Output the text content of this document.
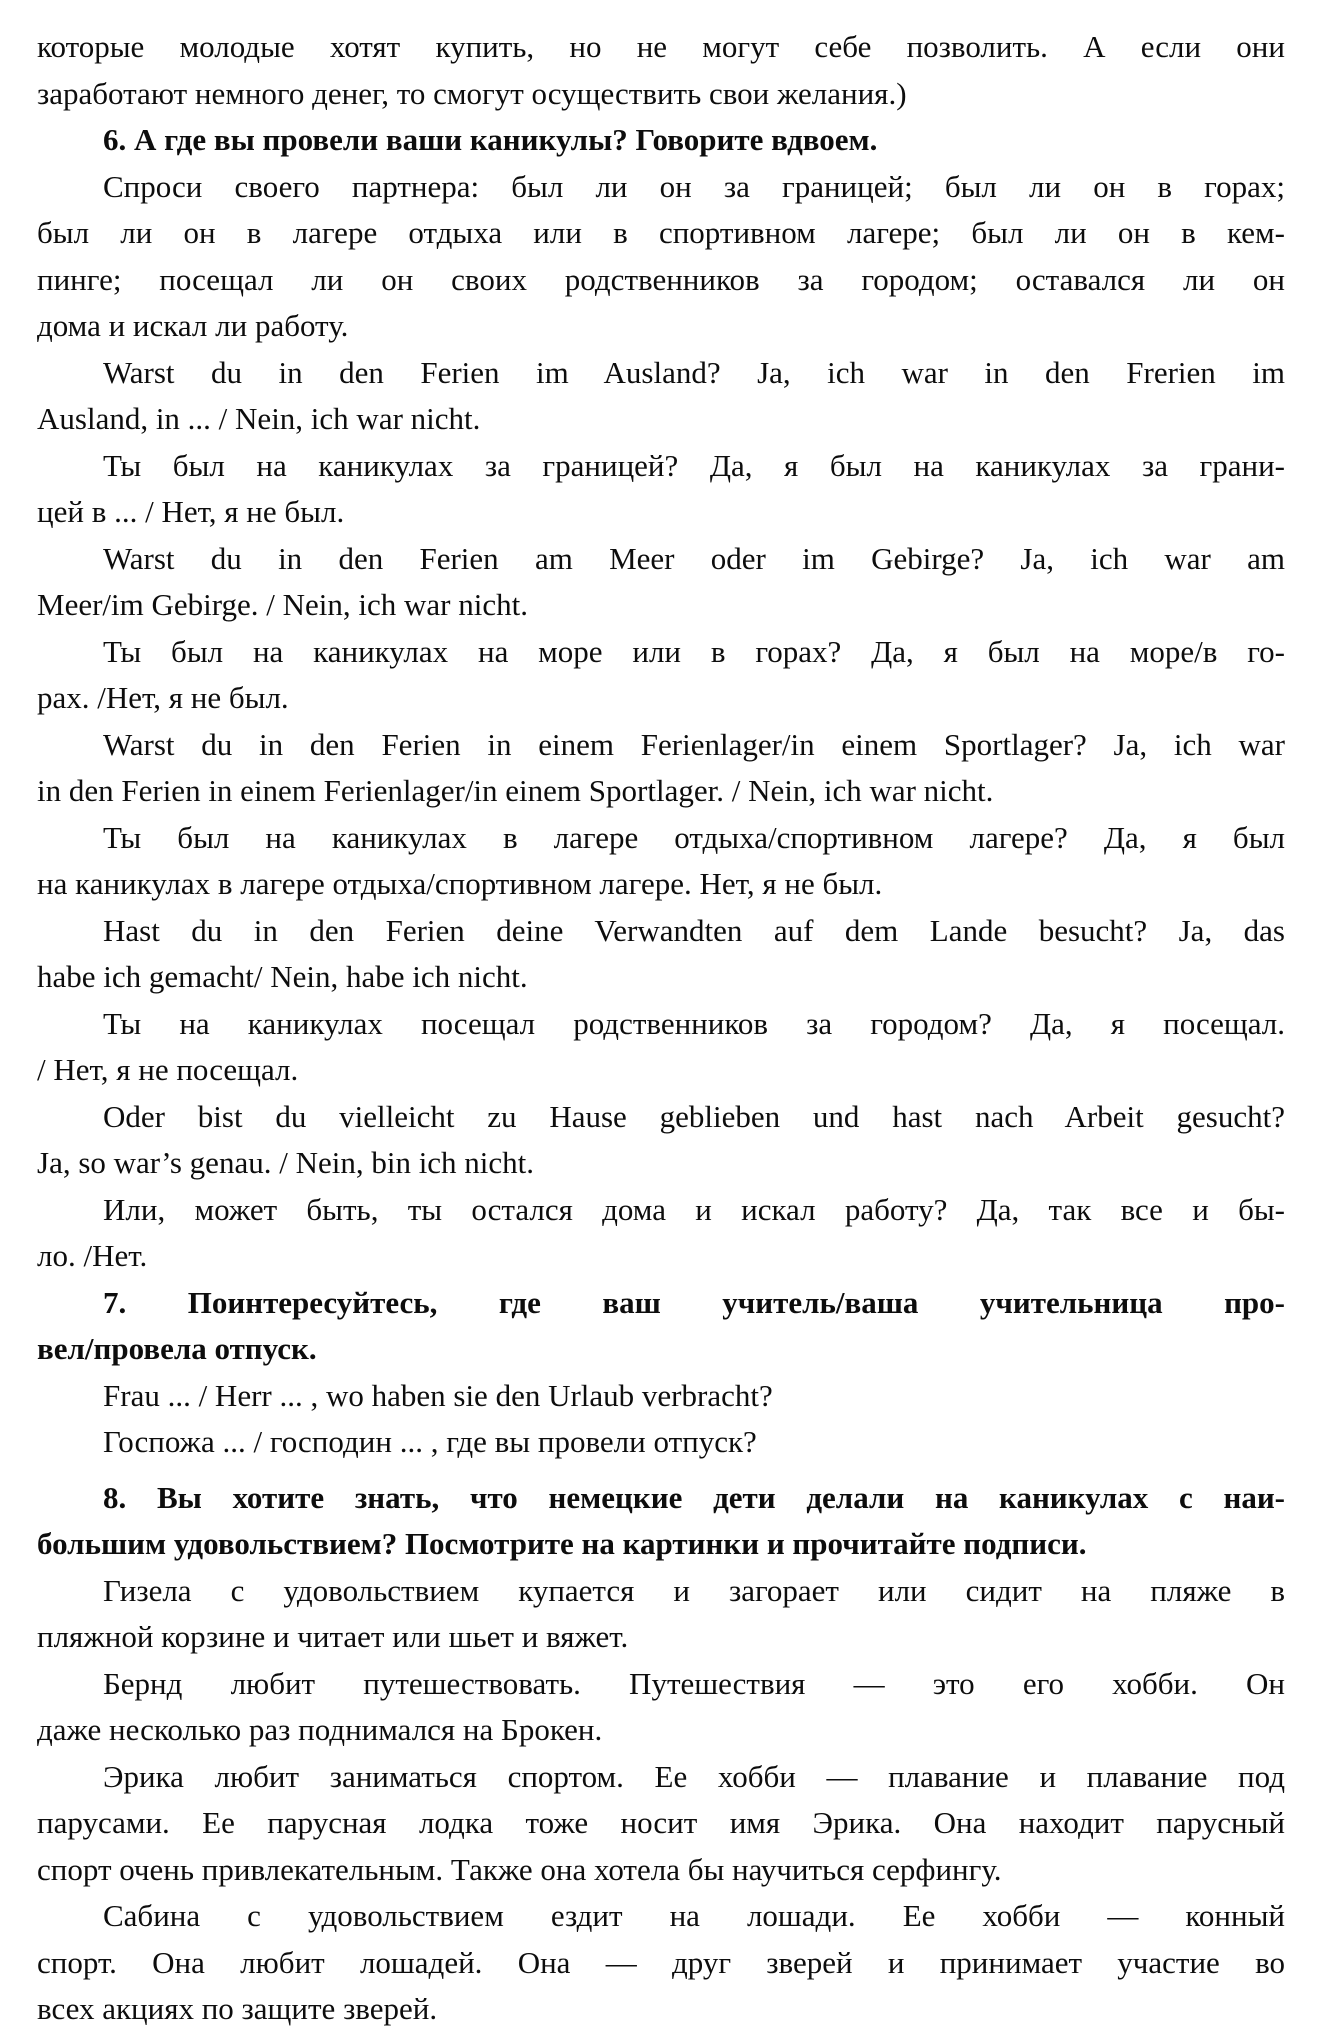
которые молодые хотят купить, но не могут себе позволить. А если они
заработают немного денег, то смогут осуществить свои желания.)
6. А где вы провели ваши каникулы? Говорите вдвоем.
Спроси своего партнера: был ли он за границей; был ли он в горах;
был ли он в лагере отдыха или в спортивном лагере; был ли он в кем-
пинге; посещал ли он своих родственников за городом; оставался ли он
дома и искал ли работу.
Warst du in den Ferien im Ausland? Ja, ich war in den Frerien im
Ausland, in ... / Nein, ich war nicht.
Ты был на каникулах за границей? Да, я был на каникулах за грани-
цей в ... / Нет, я не был.
Warst du in den Ferien am Meer oder im Gebirge? Ja, ich war am
Meer/im Gebirge. / Nein, ich war nicht.
Ты был на каникулах на море или в горах? Да, я был на море/в го-
рах. /Нет, я не был.
Warst du in den Ferien in einem Ferienlager/in einem Sportlager? Ja, ich war
in den Ferien in einem Ferienlager/in einem Sportlager. / Nein, ich war nicht.
Ты был на каникулах в лагере отдыха/спортивном лагере? Да, я был
на каникулах в лагере отдыха/спортивном лагере. Нет, я не был.
Hast du in den Ferien deine Verwandten auf dem Lande besucht? Ja, das
habe ich gemacht/ Nein, habe ich nicht.
Ты на каникулах посещал родственников за городом? Да, я посещал.
/ Нет, я не посещал.
Oder bist du vielleicht zu Hause geblieben und hast nach Arbeit gesucht?
Ja, so war’s genau. / Nein, bin ich nicht.
Или, может быть, ты остался дома и искал работу? Да, так все и бы-
ло. /Нет.
7. Поинтересуйтесь, где ваш учитель/ваша учительница про-
вел/провела отпуск.
Frau ... / Herr ... , wo haben sie den Urlaub verbracht?
Госпожа ... / господин ... , где вы провели отпуск?
8. Вы хотите знать, что немецкие дети делали на каникулах с наи-
большим удовольствием? Посмотрите на картинки и прочитайте подписи.
Гизела с удовольствием купается и загорает или сидит на пляже в
пляжной корзине и читает или шьет и вяжет.
Бернд любит путешествовать. Путешествия — это его хобби. Он
даже несколько раз поднимался на Брокен.
Эрика любит заниматься спортом. Ее хобби — плавание и плавание под
парусами. Ее парусная лодка тоже носит имя Эрика. Она находит парусный
спорт очень привлекательным. Также она хотела бы научиться серфингу.
Сабина с удовольствием ездит на лошади. Ее хобби — конный
спорт. Она любит лошадей. Она — друг зверей и принимает участие во
всех акциях по защите зверей.
